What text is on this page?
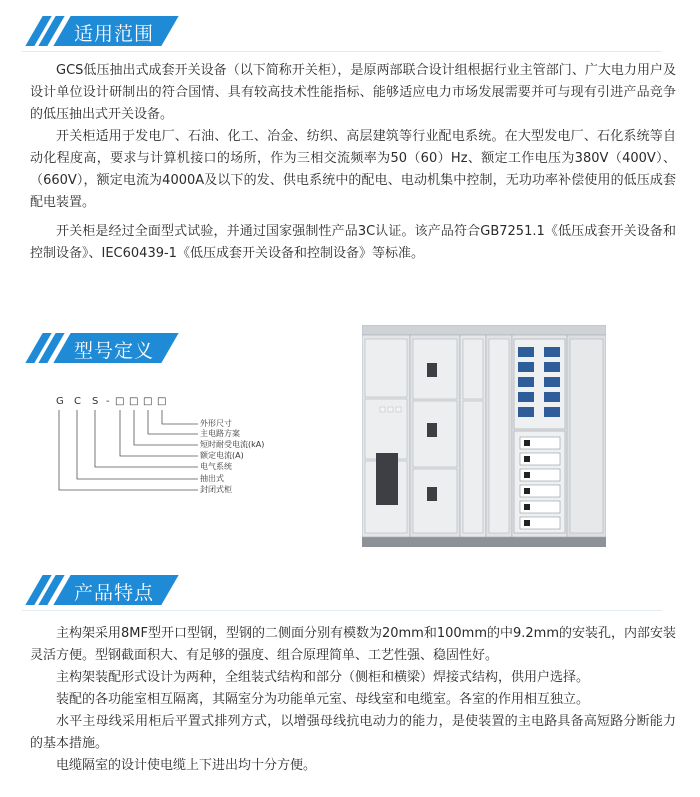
适用范围

GCS低压抽出式成套开关设备（以下简称开关柜），是原两部联合设计组根据行业主管部门、广大电力用户及设计单位设计研制出的符合国情、具有较高技术性能指标、能够适应电力市场发展需要并可与现有引进产品竞争的低压抽出式开关设备。

开关柜适用于发电厂、石油、化工、冶金、纺织、高层建筑等行业配电系统。在大型发电厂、石化系统等自动化程度高，要求与计算机接口的场所，作为三相交流频率为50（60）Hz、额定工作电压为380V（400V）、（660V），额定电流为4000A及以下的发、供电系统中的配电、电动机集中控制，无功功率补偿使用的低压成套配电装置。

开关柜是经过全面型式试验，并通过国家强制性产品3C认证。该产品符合GB7251.1《低压成套开关设备和控制设备》、IEC60439-1《低压成套开关设备和控制设备》等标准。

型号定义
G C S - □ □ □ □
外形尺寸
主电路方案
短时耐受电流(kA)
额定电流(A)
电气系统
抽出式
封闭式柜
产品特点

主构架采用8MF型开口型钢，型钢的二侧面分别有模数为20mm和100mm的中9.2mm的安装孔，内部安装灵活方便。型钢截面积大、有足够的强度、组合原理简单、工艺性强、稳固性好。

主构架装配形式设计为两种，全组装式结构和部分（侧柜和横梁）焊接式结构，供用户选择。

装配的各功能室相互隔离，其隔室分为功能单元室、母线室和电缆室。各室的作用相互独立。

水平主母线采用柜后平置式排列方式，以增强母线抗电动力的能力，是使装置的主电路具备高短路分断能力的基本措施。

电缆隔室的设计使电缆上下进出均十分方便。
